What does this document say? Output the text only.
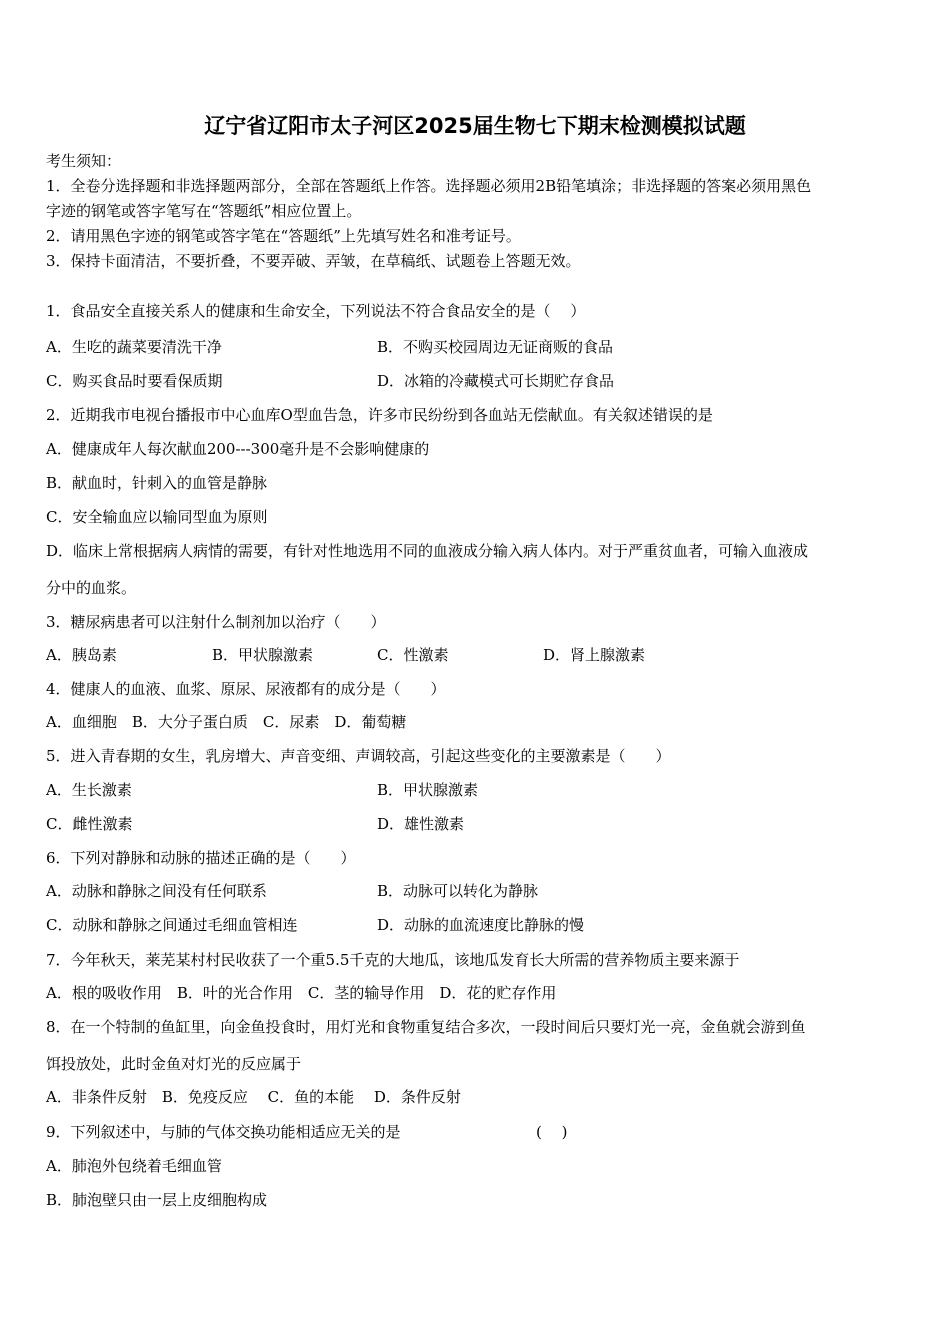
辽宁省辽阳市太子河区2025届生物七下期末检测模拟试题
考生须知：
1．全卷分选择题和非选择题两部分，全部在答题纸上作答。选择题必须用2B铅笔填涂；非选择题的答案必须用黑色
字迹的钢笔或答字笔写在“答题纸”相应位置上。
2．请用黑色字迹的钢笔或答字笔在“答题纸”上先填写姓名和准考证号。
3．保持卡面清洁，不要折叠，不要弄破、弄皱，在草稿纸、试题卷上答题无效。
1．食品安全直接关系人的健康和生命安全，下列说法不符合食品安全的是（　 ）
A．生吃的蔬菜要清洗干净	B．不购买校园周边无证商贩的食品
C．购买食品时要看保质期	D．冰箱的冷藏模式可长期贮存食品
2．近期我市电视台播报市中心血库O型血告急，许多市民纷纷到各血站无偿献血。有关叙述错误的是
A．健康成年人每次献血200---300毫升是不会影响健康的
B．献血时，针刺入的血管是静脉
C．安全输血应以输同型血为原则
D．临床上常根据病人病情的需要，有针对性地选用不同的血液成分输入病人体内。对于严重贫血者，可输入血液成
分中的血浆。
3．糖尿病患者可以注射什么制剂加以治疗（　　）
A．胰岛素	B．甲状腺激素	C．性激素	D．肾上腺激素
4．健康人的血液、血浆、原尿、尿液都有的成分是（　　）
A．血细胞　B．大分子蛋白质　C．尿素　D．葡萄糖
5．进入青春期的女生，乳房增大、声音变细、声调较高，引起这些变化的主要激素是（　　）
A．生长激素	B．甲状腺激素
C．雌性激素	D．雄性激素
6．下列对静脉和动脉的描述正确的是（　　）
A．动脉和静脉之间没有任何联系	B．动脉可以转化为静脉
C．动脉和静脉之间通过毛细血管相连	D．动脉的血流速度比静脉的慢
7．今年秋天，莱芜某村村民收获了一个重5.5千克的大地瓜，该地瓜发育长大所需的营养物质主要来源于
A．根的吸收作用　B．叶的光合作用　C．茎的输导作用　D．花的贮存作用
8．在一个特制的鱼缸里，向金鱼投食时，用灯光和食物重复结合多次，一段时间后只要灯光一亮，金鱼就会游到鱼
饵投放处，此时金鱼对灯光的反应属于
A．非条件反射　B．免疫反应　 C．鱼的本能　 D．条件反射
9．下列叙述中，与肺的气体交换功能相适应无关的是	(　 )
A．肺泡外包绕着毛细血管
B．肺泡壁只由一层上皮细胞构成
